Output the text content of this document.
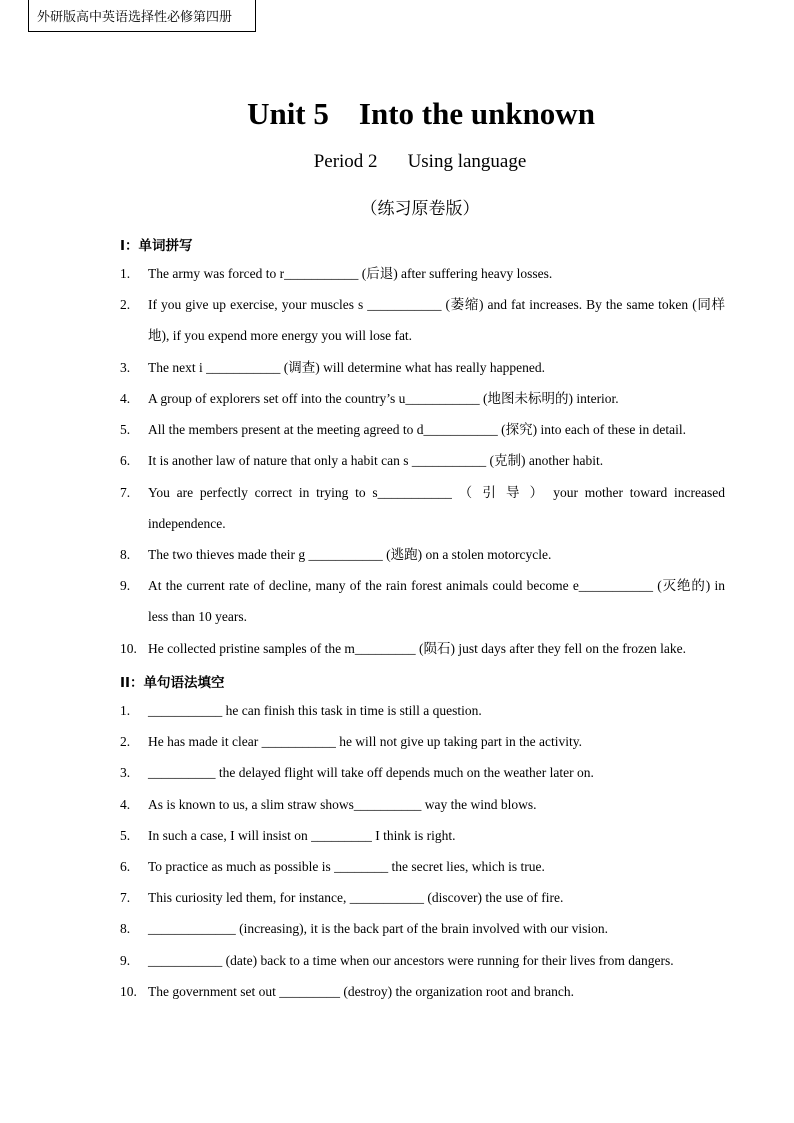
外研版高中英语选择性必修第四册
Unit 5 Into the unknown
Period 2 Using language
（练习原卷版）
I：单词拼写
1.	The army was forced to r___________ (后退) after suffering heavy losses.
2.	If you give up exercise, your muscles s ___________ (萎缩) and fat increases. By the same token (同样地), if you expend more energy you will lose fat.
3.	The next i ___________ (调查) will determine what has really happened.
4.	A group of explorers set off into the country’s u___________ (地图未标明的) interior.
5.	All the members present at the meeting agreed to d___________ (探究) into each of these in detail.
6.	It is another law of nature that only a habit can s ___________ (克制) another habit.
7.	You are perfectly correct in trying to s___________ （ 引 导 ） your mother toward increased independence.
8.	The two thieves made their g ___________ (逃跑) on a stolen motorcycle.
9.	At the current rate of decline, many of the rain forest animals could become e___________ (灭绝的) in less than 10 years.
10. He collected pristine samples of the m_________ (陨石) just days after they fell on the frozen lake.
II：单句语法填空
1.	___________ he can finish this task in time is still a question.
2.	He has made it clear ___________ he will not give up taking part in the activity.
3.	__________ the delayed flight will take off depends much on the weather later on.
4.	As is known to us, a slim straw shows__________ way the wind blows.
5.	In such a case, I will insist on _________ I think is right.
6.	To practice as much as possible is ________ the secret lies, which is true.
7.	This curiosity led them, for instance, ___________ (discover) the use of fire.
8.	_____________ (increasing), it is the back part of the brain involved with our vision.
9.	___________ (date) back to a time when our ancestors were running for their lives from dangers.
10. The government set out _________ (destroy) the organization root and branch.
